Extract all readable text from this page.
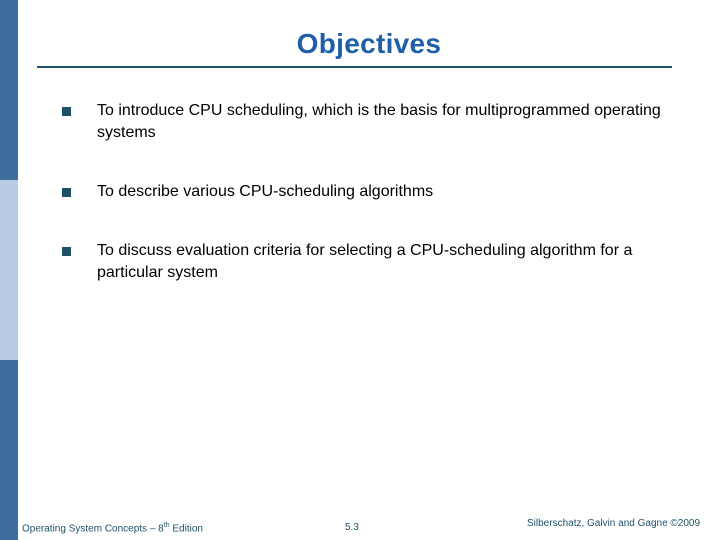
Objectives
To introduce CPU scheduling, which is the basis for multiprogrammed operating systems
To describe various CPU-scheduling algorithms
To discuss evaluation criteria for selecting a CPU-scheduling algorithm for a particular system
Operating System Concepts – 8th Edition	5.3	Silberschatz, Galvin and Gagne ©2009
